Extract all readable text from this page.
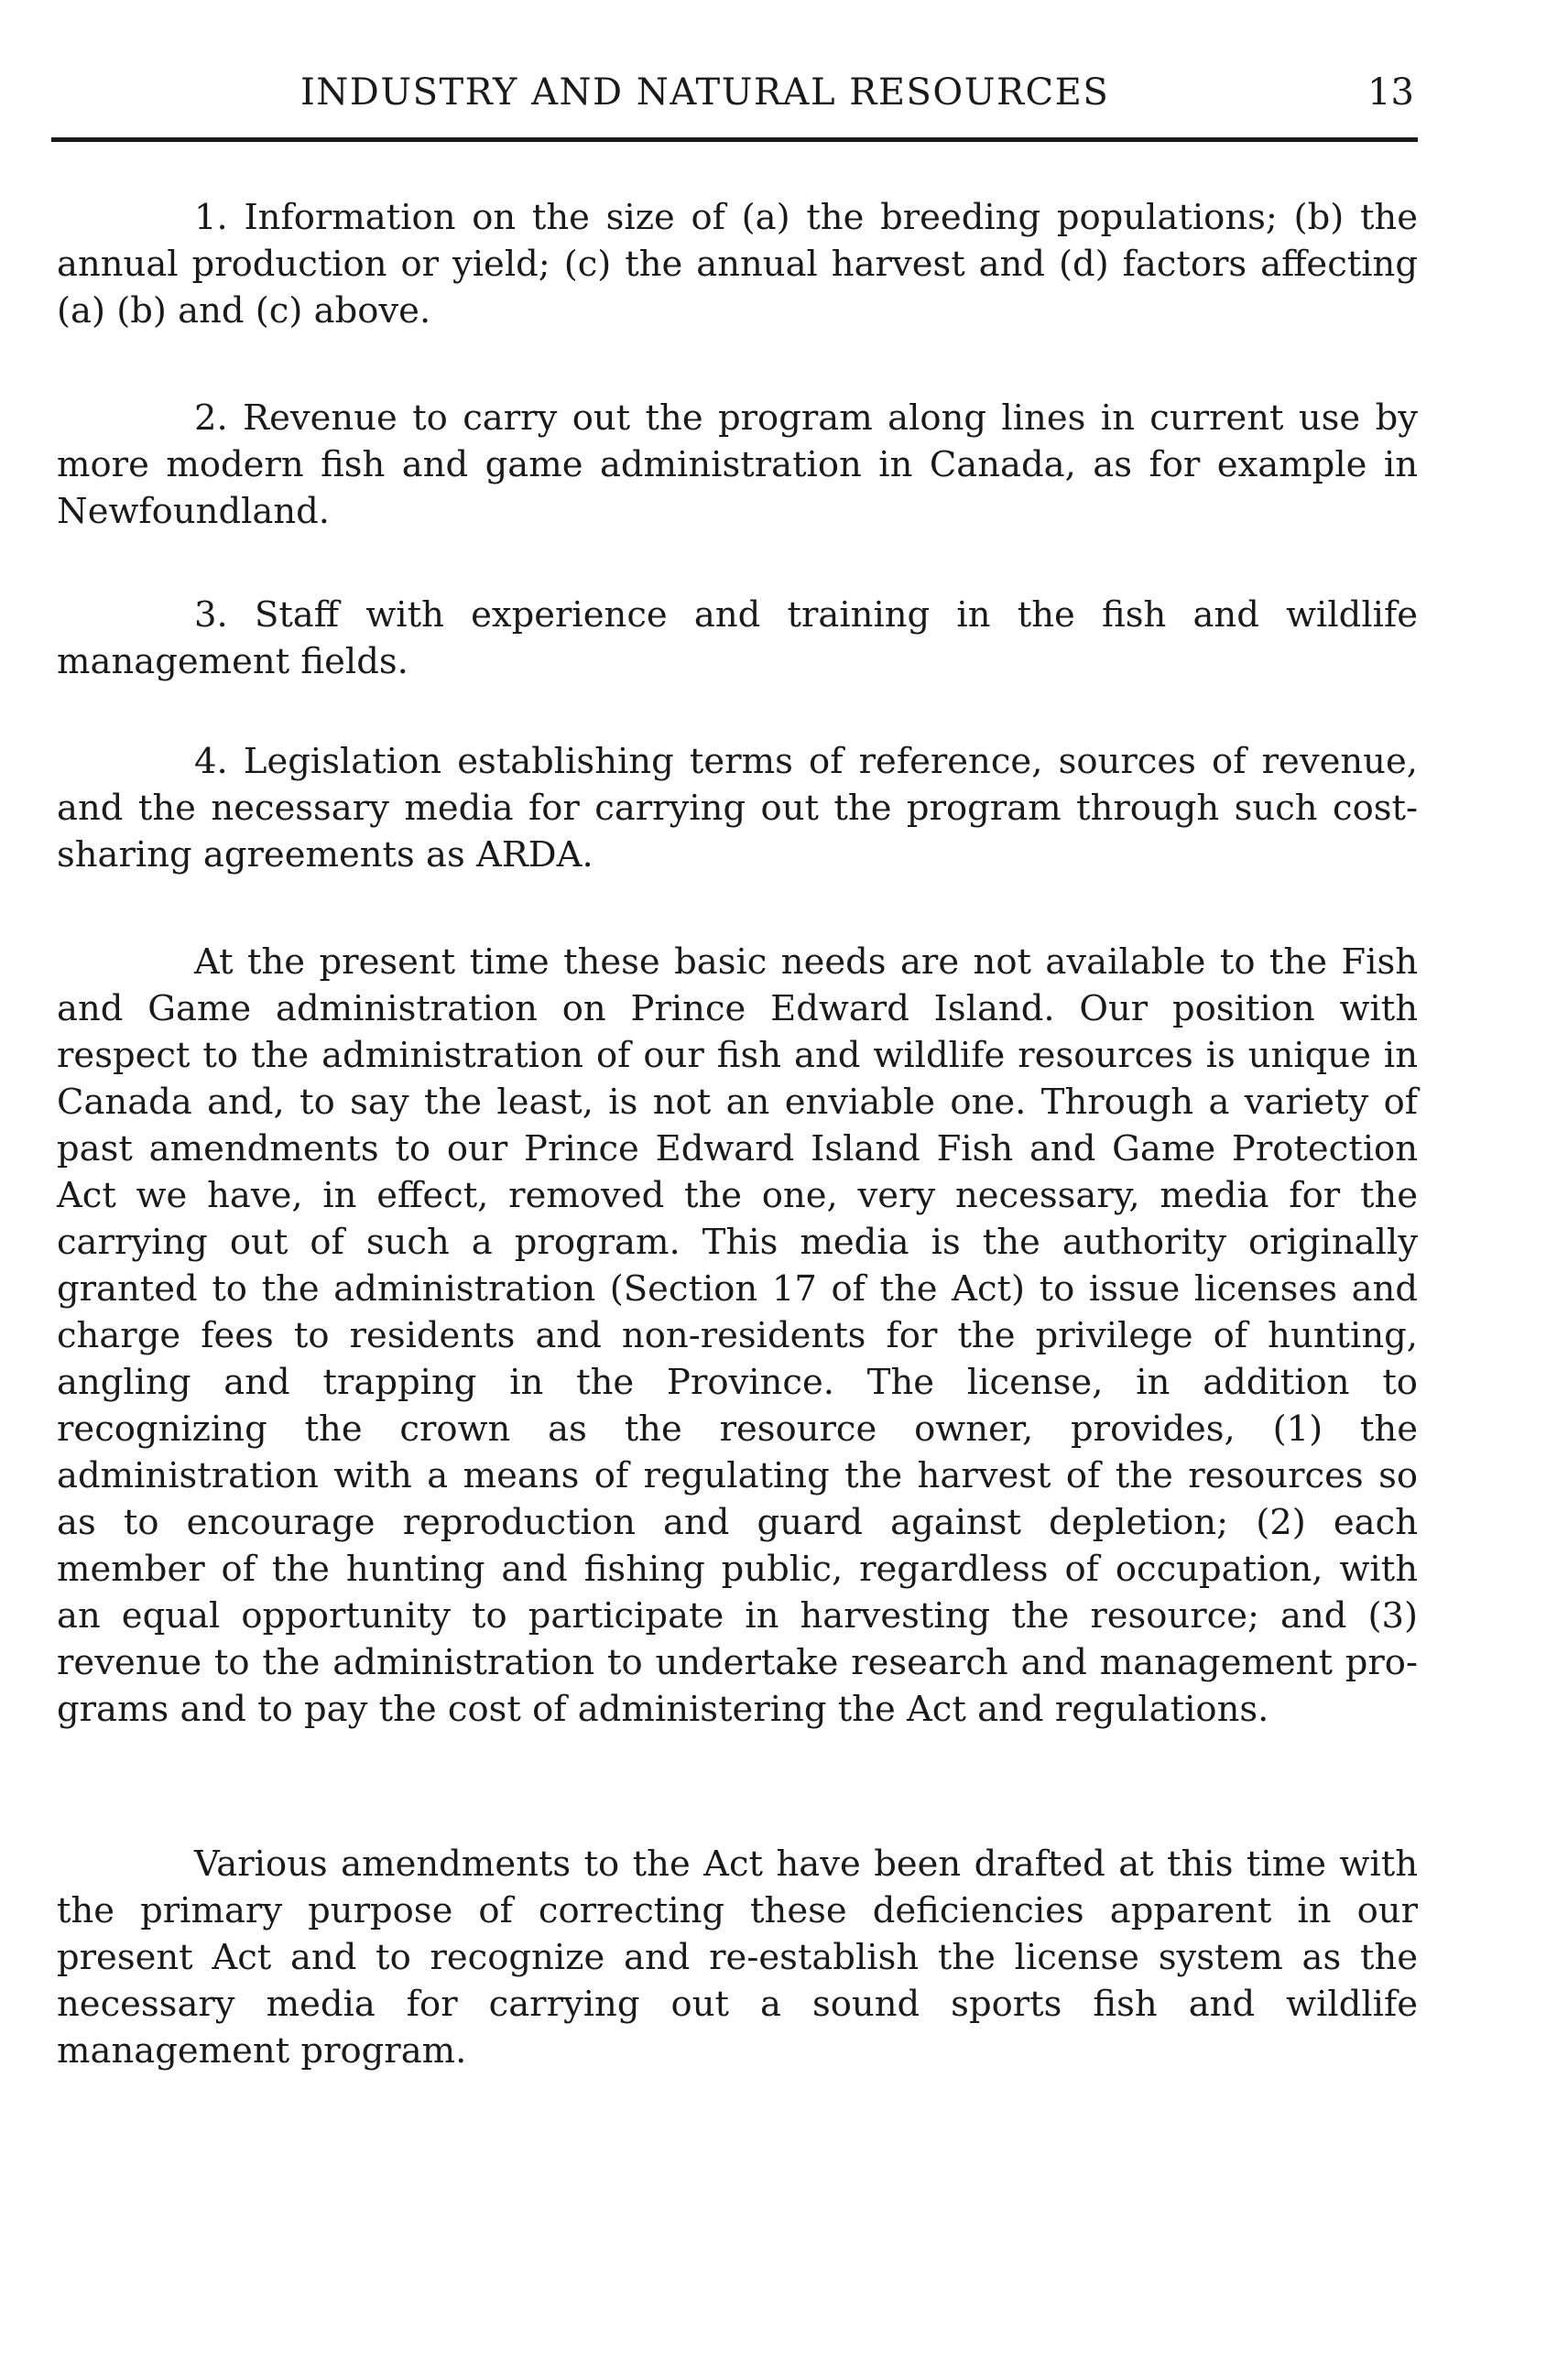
INDUSTRY AND NATURAL RESOURCES	13

1. Information on the size of (a) the breeding populations; (b) the annual production or yield; (c) the annual harvest and (d) factors affecting (a) (b) and (c) above.

2. Revenue to carry out the program along lines in current use by more modern fish and game administration in Canada, as for example in Newfoundland.

3. Staff with experience and training in the fish and wildlife management fields.

4. Legislation establishing terms of reference, sources of revenue, and the necessary media for carrying out the program through such cost-sharing agreements as ARDA.

At the present time these basic needs are not available to the Fish and Game administration on Prince Edward Island. Our position with respect to the administration of our fish and wildlife resources is unique in Canada and, to say the least, is not an enviable one. Through a variety of past amendments to our Prince Edward Island Fish and Game Protection Act we have, in effect, removed the one, very necessary, media for the carrying out of such a program. This media is the authority originally granted to the administration (Section 17 of the Act) to issue licenses and charge fees to residents and non-residents for the privilege of hunting, angling and trapping in the Province. The license, in addition to recognizing the crown as the resource owner, provides, (1) the administration with a means of regulating the harvest of the resources so as to encourage reproduction and guard against depletion; (2) each member of the hunting and fishing public, regardless of occupation, with an equal opportunity to participate in harvesting the resource; and (3) revenue to the administration to undertake research and management programs and to pay the cost of administering the Act and regulations.

Various amendments to the Act have been drafted at this time with the primary purpose of correcting these deficiencies apparent in our present Act and to recognize and re-establish the license system as the necessary media for carrying out a sound sports fish and wildlife management program.
